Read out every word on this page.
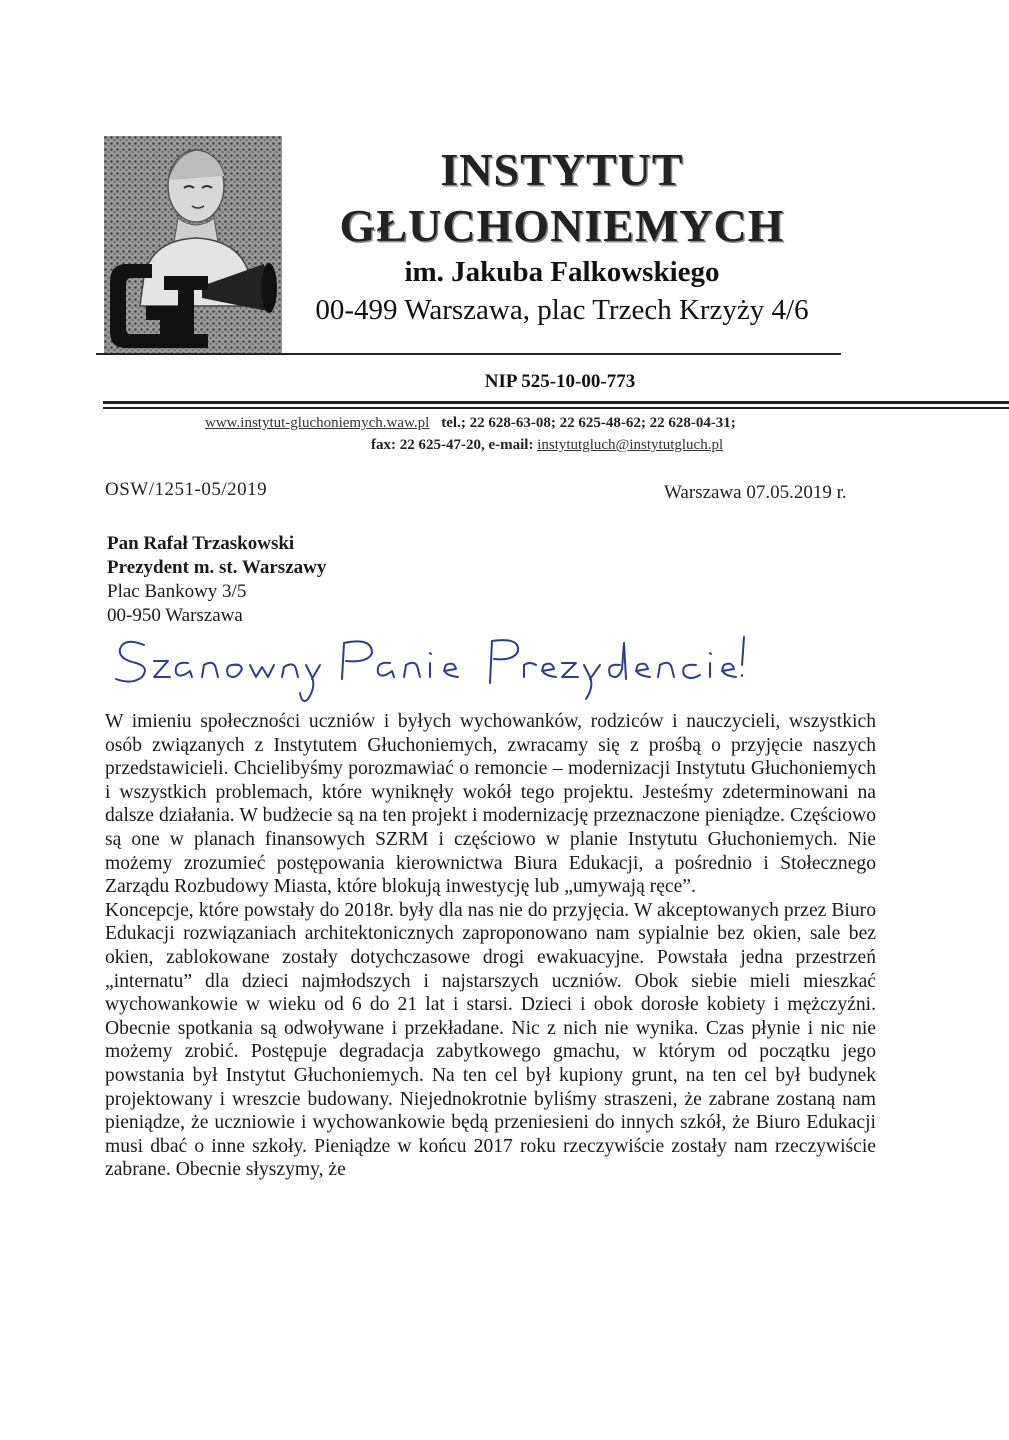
INSTYTUT
GŁUCHONIEMYCH
im. Jakuba Falkowskiego
00-499 Warszawa, plac Trzech Krzyży 4/6
NIP 525-10-00-773
www.instytut-gluchoniemych.waw.pl tel.; 22 628-63-08; 22 625-48-62; 22 628-04-31;
fax: 22 625-47-20, e-mail: instytutgluch@instytutgluch.pl
OSW/1251-05/2019	Warszawa 07.05.2019 r.
Pan Rafał Trzaskowski
Prezydent m. st. Warszawy
Plac Bankowy 3/5
00-950 Warszawa

W imieniu społeczności uczniów i byłych wychowanków, rodziców i nauczycieli, wszystkich osób związanych z Instytutem Głuchoniemych, zwracamy się z prośbą o przyjęcie naszych przedstawicieli. Chcielibyśmy porozmawiać o remoncie – modernizacji Instytutu Głuchoniemych i wszystkich problemach, które wyniknęły wokół tego projektu. Jesteśmy zdeterminowani na dalsze działania. W budżecie są na ten projekt i modernizację przeznaczone pieniądze. Częściowo są one w planach finansowych SZRM i częściowo w planie Instytutu Głuchoniemych. Nie możemy zrozumieć postępowania kierownictwa Biura Edukacji, a pośrednio i Stołecznego Zarządu Rozbudowy Miasta, które blokują inwestycję lub „umywają ręce”.

Koncepcje, które powstały do 2018r. były dla nas nie do przyjęcia. W akceptowanych przez Biuro Edukacji rozwiązaniach architektonicznych zaproponowano nam sypialnie bez okien, sale bez okien, zablokowane zostały dotychczasowe drogi ewakuacyjne. Powstała jedna przestrzeń „internatu” dla dzieci najmłodszych i najstarszych uczniów. Obok siebie mieli mieszkać wychowankowie w wieku od 6 do 21 lat i starsi. Dzieci i obok dorosłe kobiety i mężczyźni. Obecnie spotkania są odwoływane i przekładane. Nic z nich nie wynika. Czas płynie i nic nie możemy zrobić. Postępuje degradacja zabytkowego gmachu, w którym od początku jego powstania był Instytut Głuchoniemych. Na ten cel był kupiony grunt, na ten cel był budynek projektowany i wreszcie budowany. Niejednokrotnie byliśmy straszeni, że zabrane zostaną nam pieniądze, że uczniowie i wychowankowie będą przeniesieni do innych szkół, że Biuro Edukacji musi dbać o inne szkoły. Pieniądze w końcu 2017 roku rzeczywiście zostały nam rzeczywiście zabrane. Obecnie słyszymy, że
